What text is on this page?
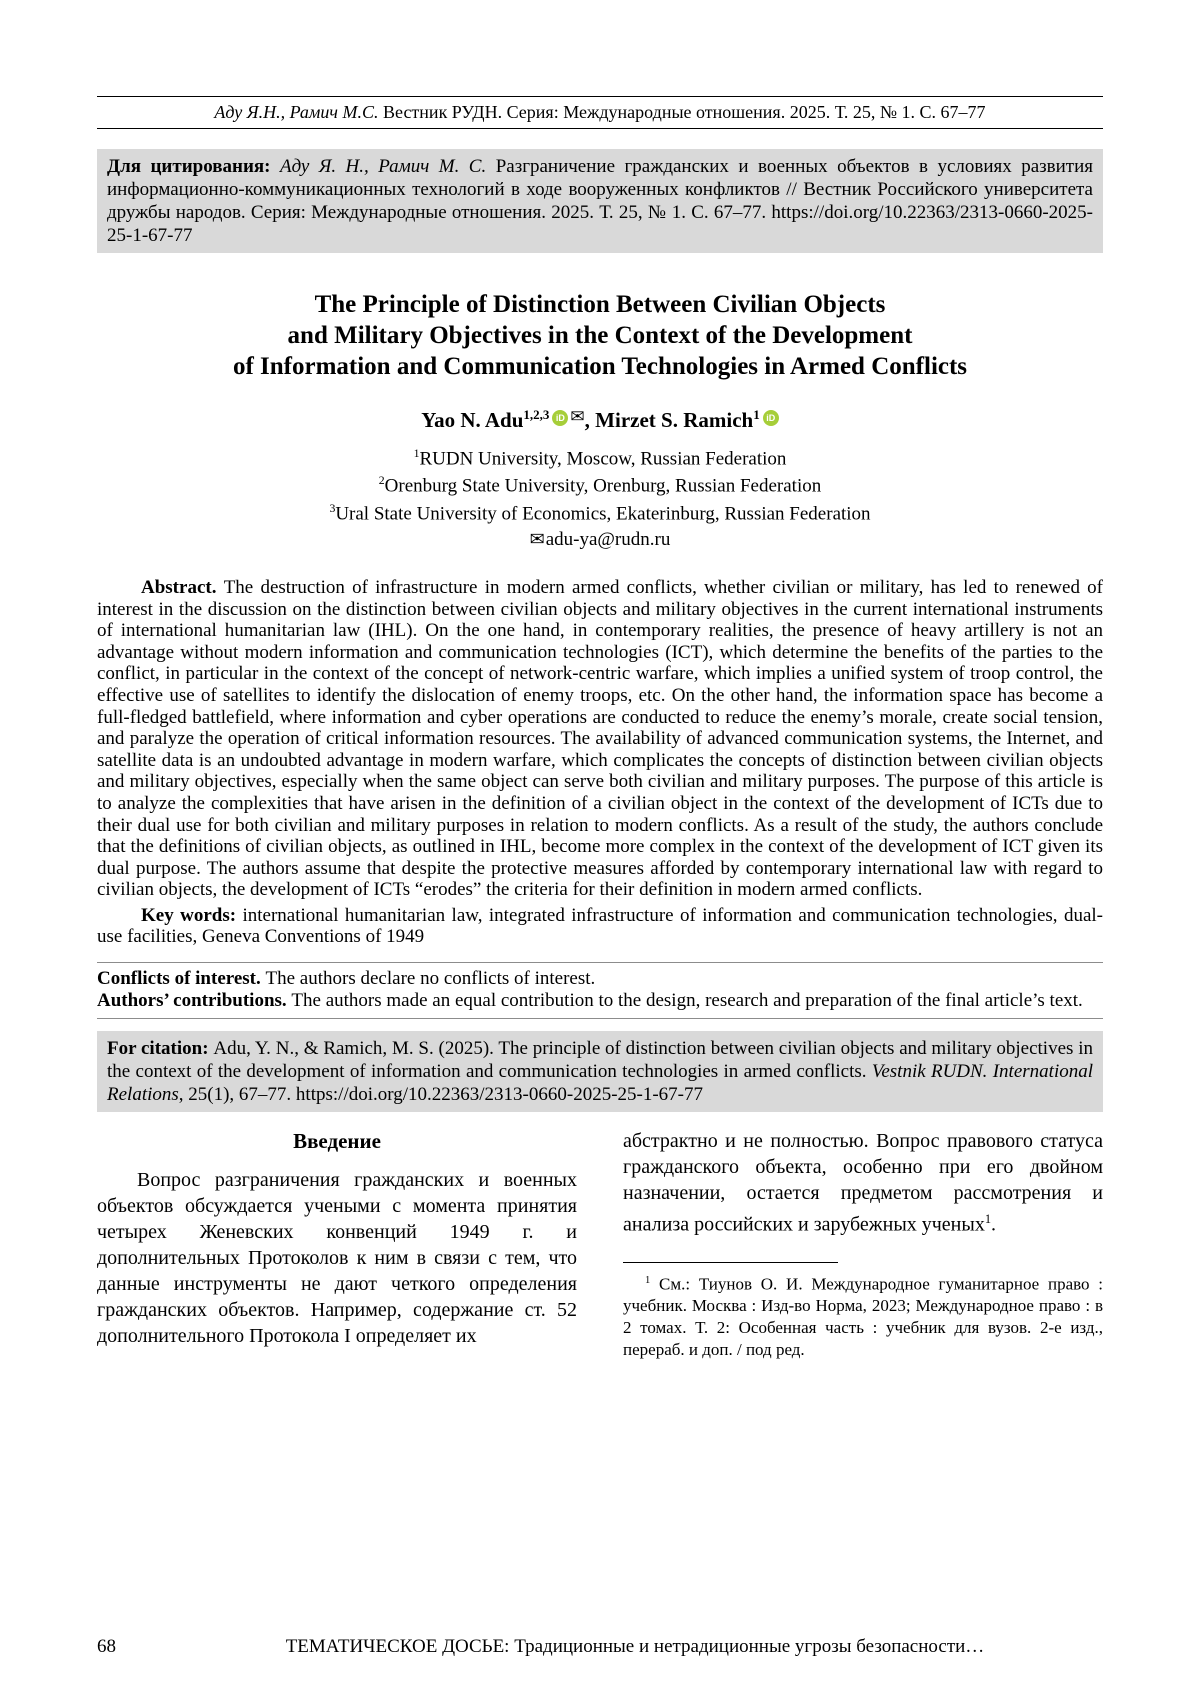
Аду Я.Н., Рамич М.С. Вестник РУДН. Серия: Международные отношения. 2025. Т. 25, № 1. С. 67–77
Для цитирования: Аду Я. Н., Рамич М. С. Разграничение гражданских и военных объектов в условиях развития информационно-коммуникационных технологий в ходе вооруженных конфликтов // Вестник Российского университета дружбы народов. Серия: Международные отношения. 2025. Т. 25, № 1. С. 67–77. https://doi.org/10.22363/2313-0660-2025-25-1-67-77
The Principle of Distinction Between Civilian Objects
and Military Objectives in the Context of the Development
of Information and Communication Technologies in Armed Conflicts
Yao N. Adu$^{1,2,3}$ iD ✉, Mirzet S. Ramich$^1$ iD
$^1$RUDN University, Moscow, Russian Federation
$^2$Orenburg State University, Orenburg, Russian Federation
$^3$Ural State University of Economics, Ekaterinburg, Russian Federation
✉adu-ya@rudn.ru

Abstract. The destruction of infrastructure in modern armed conflicts, whether civilian or military, has led to renewed of interest in the discussion on the distinction between civilian objects and military objectives in the current international instruments of international humanitarian law (IHL). On the one hand, in contemporary realities, the presence of heavy artillery is not an advantage without modern information and communication technologies (ICT), which determine the benefits of the parties to the conflict, in particular in the context of the concept of network-centric warfare, which implies a unified system of troop control, the effective use of satellites to identify the dislocation of enemy troops, etc. On the other hand, the information space has become a full-fledged battlefield, where information and cyber operations are conducted to reduce the enemy’s morale, create social tension, and paralyze the operation of critical information resources. The availability of advanced communication systems, the Internet, and satellite data is an undoubted advantage in modern warfare, which complicates the concepts of distinction between civilian objects and military objectives, especially when the same object can serve both civilian and military purposes. The purpose of this article is to analyze the complexities that have arisen in the definition of a civilian object in the context of the development of ICTs due to their dual use for both civilian and military purposes in relation to modern conflicts. As a result of the study, the authors conclude that the definitions of civilian objects, as outlined in IHL, become more complex in the context of the development of ICT given its dual purpose. The authors assume that despite the protective measures afforded by contemporary international law with regard to civilian objects, the development of ICTs “erodes” the criteria for their definition in modern armed conflicts.

Key words: international humanitarian law, integrated infrastructure of information and communication technologies, dual-use facilities, Geneva Conventions of 1949

Conflicts of interest. The authors declare no conflicts of interest.

Authors’ contributions. The authors made an equal contribution to the design, research and preparation of the final article’s text.

For citation: Adu, Y. N., & Ramich, M. S. (2025). The principle of distinction between civilian objects and military objectives in the context of the development of information and communication technologies in armed conflicts. Vestnik RUDN. International Relations, 25(1), 67–77. https://doi.org/10.22363/2313-0660-2025-25-1-67-77
Введение

Вопрос разграничения гражданских и военных объектов обсуждается учеными с момента принятия четырех Женевских конвенций 1949 г. и дополнительных Протоколов к ним в связи с тем, что данные инструменты не дают четкого определения гражданских объектов. Например, содержание ст. 52 дополнительного Протокола I определяет их

абстрактно и не полностью. Вопрос правового статуса гражданского объекта, особенно при его двойном назначении, остается предметом рассмотрения и анализа российских и зарубежных ученых$^1$.

$^1$ См.: Тиунов О. И. Международное гуманитарное право : учебник. Москва : Изд-во Норма, 2023; Международное право : в 2 томах. Т. 2: Особенная часть : учебник для вузов. 2-е изд., перераб. и доп. / под ред.

68	ТЕМАТИЧЕСКОЕ ДОСЬЕ: Традиционные и нетрадиционные угрозы безопасности…
